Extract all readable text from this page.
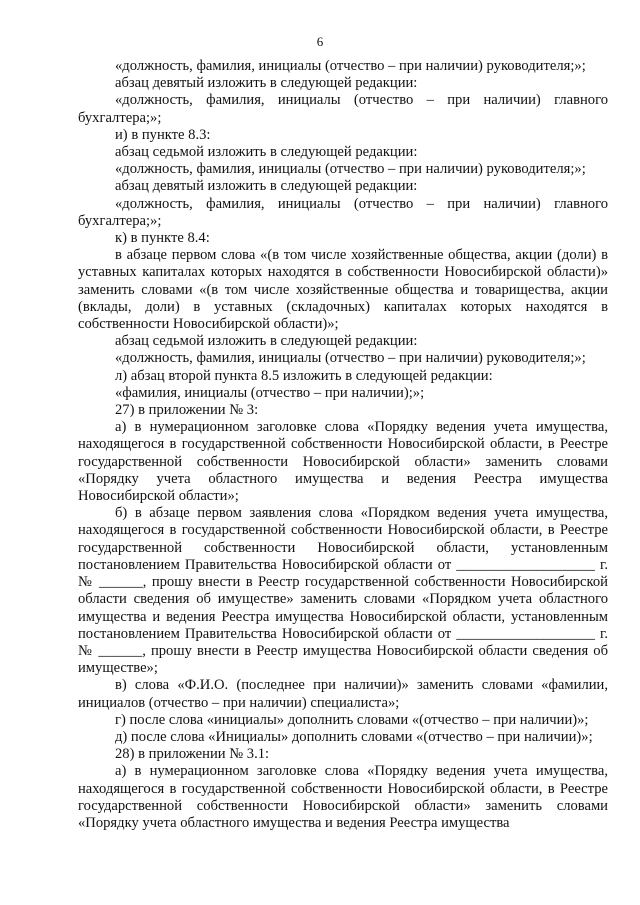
6

«должность, фамилия, инициалы (отчество – при наличии) руководителя;»;

абзац девятый изложить в следующей редакции:

«должность, фамилия, инициалы (отчество – при наличии) главного бухгалтера;»;

и) в пункте 8.3:

абзац седьмой изложить в следующей редакции:

«должность, фамилия, инициалы (отчество – при наличии) руководителя;»;

абзац девятый изложить в следующей редакции:

«должность, фамилия, инициалы (отчество – при наличии) главного бухгалтера;»;

к) в пункте 8.4:

в абзаце первом слова «(в том числе хозяйственные общества, акции (доли) в уставных капиталах которых находятся в собственности Новосибирской области)» заменить словами «(в том числе хозяйственные общества и товарищества, акции (вклады, доли) в уставных (складочных) капиталах которых находятся в собственности Новосибирской области)»;

абзац седьмой изложить в следующей редакции:

«должность, фамилия, инициалы (отчество – при наличии) руководителя;»;

л) абзац второй пункта 8.5 изложить в следующей редакции:

«фамилия, инициалы (отчество – при наличии);»;

27) в приложении № 3:

а) в нумерационном заголовке слова «Порядку ведения учета имущества, находящегося в государственной собственности Новосибирской области, в Реестре государственной собственности Новосибирской области» заменить словами «Порядку учета областного имущества и ведения Реестра имущества Новосибирской области»;

б) в абзаце первом заявления слова «Порядком ведения учета имущества, находящегося в государственной собственности Новосибирской области, в Реестре государственной собственности Новосибирской области, установленным постановлением Правительства Новосибирской области от ___________________ г. № ______, прошу внести в Реестр государственной собственности Новосибирской области сведения об имуществе» заменить словами «Порядком учета областного имущества и ведения Реестра имущества Новосибирской области, установленным постановлением Правительства Новосибирской области от ___________________ г. № ______, прошу внести в Реестр имущества Новосибирской области сведения об имуществе»;

в) слова «Ф.И.О. (последнее при наличии)» заменить словами «фамилии, инициалов (отчество – при наличии) специалиста»;

г) после слова «инициалы» дополнить словами «(отчество – при наличии)»;

д) после слова «Инициалы» дополнить словами «(отчество – при наличии)»;

28) в приложении № 3.1:

а) в нумерационном заголовке слова «Порядку ведения учета имущества, находящегося в государственной собственности Новосибирской области, в Реестре государственной собственности Новосибирской области» заменить словами «Порядку учета областного имущества и ведения Реестра имущества
